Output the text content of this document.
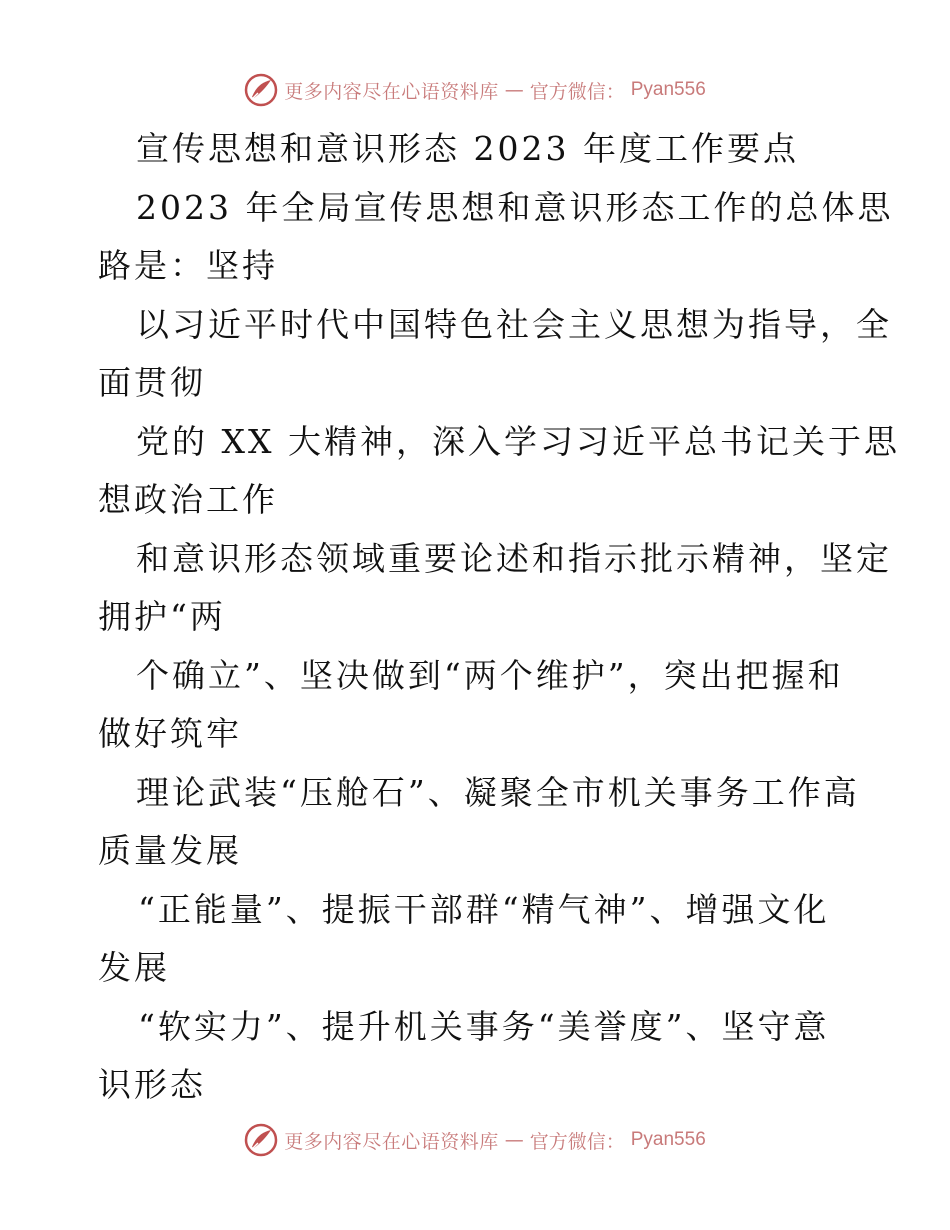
更多内容尽在心语资料库 — 官方微信： Pyan556
宣传思想和意识形态 2023 年度工作要点
2023 年全局宣传思想和意识形态工作的总体思
路是：坚持
以习近平时代中国特色社会主义思想为指导，全
面贯彻
党的 XX 大精神，深入学习习近平总书记关于思
想政治工作
和意识形态领域重要论述和指示批示精神，坚定
拥护“两
个确立”、坚决做到“两个维护”，突出把握和
做好筑牢
理论武装“压舱石”、凝聚全市机关事务工作高
质量发展
“正能量”、提振干部群“精气神”、增强文化
发展
“软实力”、提升机关事务“美誉度”、坚守意
识形态
更多内容尽在心语资料库 — 官方微信： Pyan556
